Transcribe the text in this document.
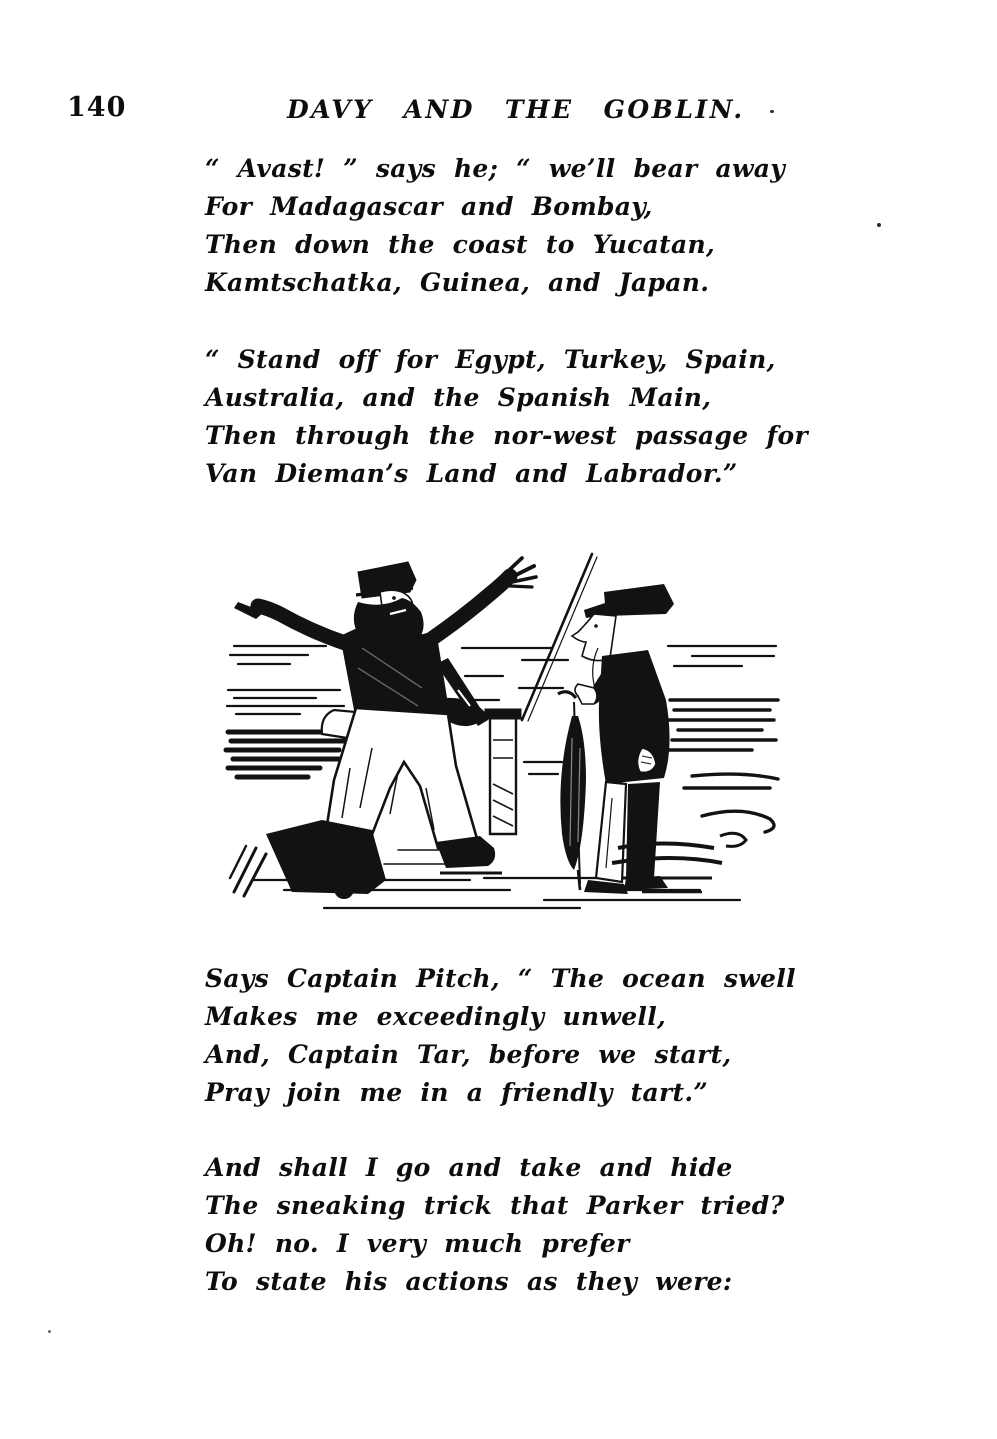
140	DAVY AND THE GOBLIN.

“ Avast! ” says he; “ we’ll bear away

For Madagascar and Bombay,

Then down the coast to Yucatan,

Kamtschatka, Guinea, and Japan.

“ Stand off for Egypt, Turkey, Spain,

Australia, and the Spanish Main,

Then through the nor-west passage for

Van Dieman’s Land and Labrador.”

Says Captain Pitch, “ The ocean swell

Makes me exceedingly unwell,

And, Captain Tar, before we start,

Pray join me in a friendly tart.”

And shall I go and take and hide

The sneaking trick that Parker tried?

Oh! no. I very much prefer

To state his actions as they were:
